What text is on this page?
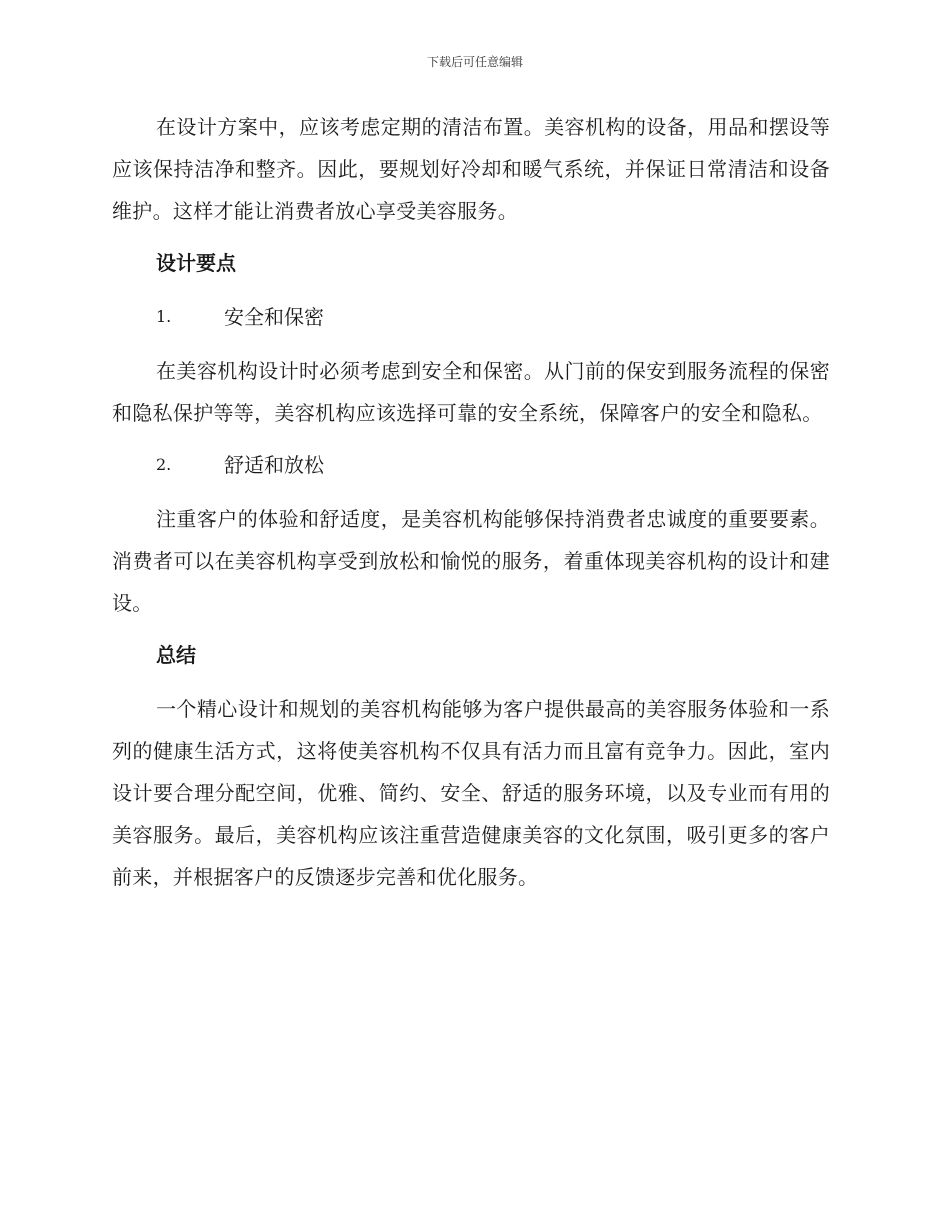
下载后可任意编辑

在设计方案中，应该考虑定期的清洁布置。美容机构的设备，用品和摆设等应该保持洁净和整齐。因此，要规划好冷却和暖气系统，并保证日常清洁和设备维护。这样才能让消费者放心享受美容服务。

设计要点
1.	安全和保密

在美容机构设计时必须考虑到安全和保密。从门前的保安到服务流程的保密和隐私保护等等，美容机构应该选择可靠的安全系统，保障客户的安全和隐私。

2.	舒适和放松

注重客户的体验和舒适度，是美容机构能够保持消费者忠诚度的重要要素。消费者可以在美容机构享受到放松和愉悦的服务，着重体现美容机构的设计和建设。

总结

一个精心设计和规划的美容机构能够为客户提供最高的美容服务体验和一系列的健康生活方式，这将使美容机构不仅具有活力而且富有竞争力。因此，室内设计要合理分配空间，优雅、简约、安全、舒适的服务环境，以及专业而有用的美容服务。最后，美容机构应该注重营造健康美容的文化氛围，吸引更多的客户前来，并根据客户的反馈逐步完善和优化服务。
